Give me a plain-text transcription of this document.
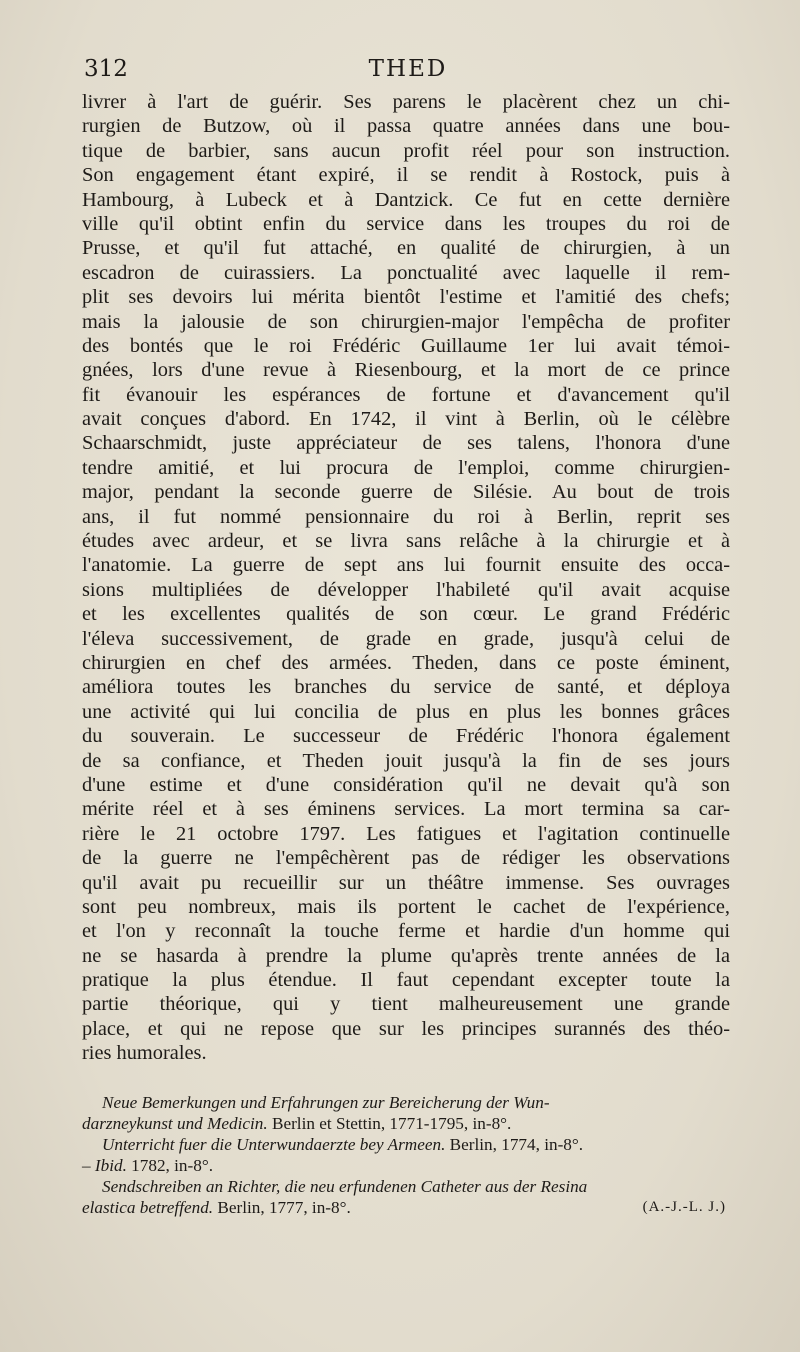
312	THED
livrer à l'art de guérir. Ses parens le placèrent chez un chi-
rurgien de Butzow, où il passa quatre années dans une bou-
tique de barbier, sans aucun profit réel pour son instruction.
Son engagement étant expiré, il se rendit à Rostock, puis à
Hambourg, à Lubeck et à Dantzick. Ce fut en cette dernière
ville qu'il obtint enfin du service dans les troupes du roi de
Prusse, et qu'il fut attaché, en qualité de chirurgien, à un
escadron de cuirassiers. La ponctualité avec laquelle il rem-
plit ses devoirs lui mérita bientôt l'estime et l'amitié des chefs;
mais la jalousie de son chirurgien-major l'empêcha de profiter
des bontés que le roi Frédéric Guillaume 1er lui avait témoi-
gnées, lors d'une revue à Riesenbourg, et la mort de ce prince
fit évanouir les espérances de fortune et d'avancement qu'il
avait conçues d'abord. En 1742, il vint à Berlin, où le célèbre
Schaarschmidt, juste appréciateur de ses talens, l'honora d'une
tendre amitié, et lui procura de l'emploi, comme chirurgien-
major, pendant la seconde guerre de Silésie. Au bout de trois
ans, il fut nommé pensionnaire du roi à Berlin, reprit ses
études avec ardeur, et se livra sans relâche à la chirurgie et à
l'anatomie. La guerre de sept ans lui fournit ensuite des occa-
sions multipliées de développer l'habileté qu'il avait acquise
et les excellentes qualités de son cœur. Le grand Frédéric
l'éleva successivement, de grade en grade, jusqu'à celui de
chirurgien en chef des armées. Theden, dans ce poste éminent,
améliora toutes les branches du service de santé, et déploya
une activité qui lui concilia de plus en plus les bonnes grâces
du souverain. Le successeur de Frédéric l'honora également
de sa confiance, et Theden jouit jusqu'à la fin de ses jours
d'une estime et d'une considération qu'il ne devait qu'à son
mérite réel et à ses éminens services. La mort termina sa car-
rière le 21 octobre 1797. Les fatigues et l'agitation continuelle
de la guerre ne l'empêchèrent pas de rédiger les observations
qu'il avait pu recueillir sur un théâtre immense. Ses ouvrages
sont peu nombreux, mais ils portent le cachet de l'expérience,
et l'on y reconnaît la touche ferme et hardie d'un homme qui
ne se hasarda à prendre la plume qu'après trente années de la
pratique la plus étendue. Il faut cependant excepter toute la
partie théorique, qui y tient malheureusement une grande
place, et qui ne repose que sur les principes surannés des théo-
ries humorales.
Neue Bemerkungen und Erfahrungen zur Bereicherung der Wun-
darzneykunst und Medicin. Berlin et Stettin, 1771-1795, in-8°.
Unterricht fuer die Unterwundaerzte bey Armeen. Berlin, 1774, in-8°.
– Ibid. 1782, in-8°.
Sendschreiben an Richter, die neu erfundenen Catheter aus der Resina
elastica betreffend. Berlin, 1777, in-8°.	(A.-J.-L. J.)
